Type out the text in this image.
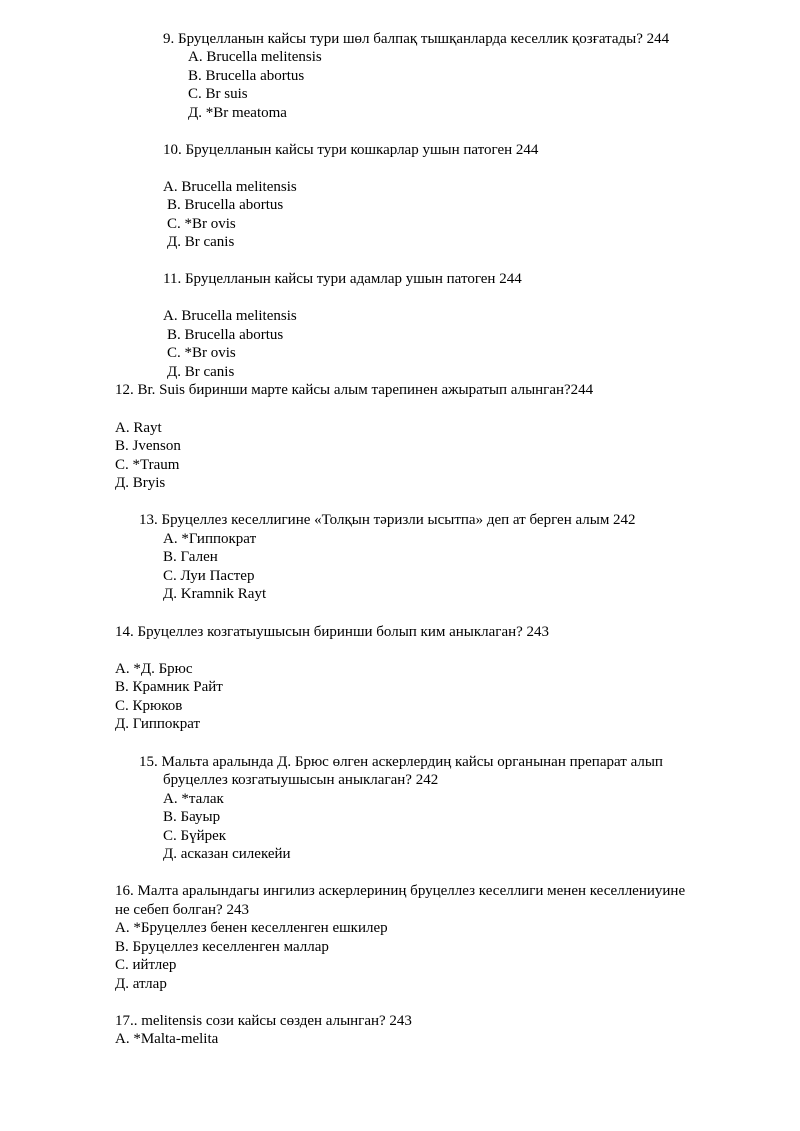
9. Бруцелланын кайсы тури шөл балпақ тышқанларда кеселлик қозғатады? 244
А. Brucella melitensis
B. Brucella abortus
C. Br suis
Д. *Br meatoma
10. Бруцелланын кайсы тури кошкарлар ушын патоген 244
A. Brucella melitensis
B. Brucella abortus
C. *Br ovis
Д. Br canis
11. Бруцелланын кайсы тури адамлар ушын патоген 244
A. Brucella melitensis
B. Brucella abortus
C. *Br ovis
Д. Br canis
12. Br. Suis биринши марте кайсы алым тарепинен ажыратып алынган?244
A. Rayt
B. Jvenson
C. *Traum
Д. Bryis
13. Бруцеллез кеселлигине «Толқын тәризли ысытпа» деп ат берген алым 242
A. *Гиппократ
B. Гален
C. Луи Пастер
Д. Kramnik Rayt
14. Бруцеллез козгатыушысын биринши болып ким аныклаган? 243
A. *Д. Брюс
B. Крамник Райт
C. Крюков
Д. Гиппократ
15. Мальта аралында Д. Брюс өлген аскерлердиң кайсы органынан препарат алып
бруцеллез козгатыушысын аныклаган? 242
A. *талак
B. Бауыр
C. Бүйрек
Д. асказан силекейи
16. Малта аралындагы ингилиз аскерлериниң бруцеллез кеселлиги менен кеселлениуине
не себеп болган? 243
A. *Бруцеллез бенен кеселленген ешкилер
B. Бруцеллез кеселленген маллар
C. ийтлер
Д. атлар
17.. melitensis сози кайсы сөзден алынган? 243
A. *Malta-melita
